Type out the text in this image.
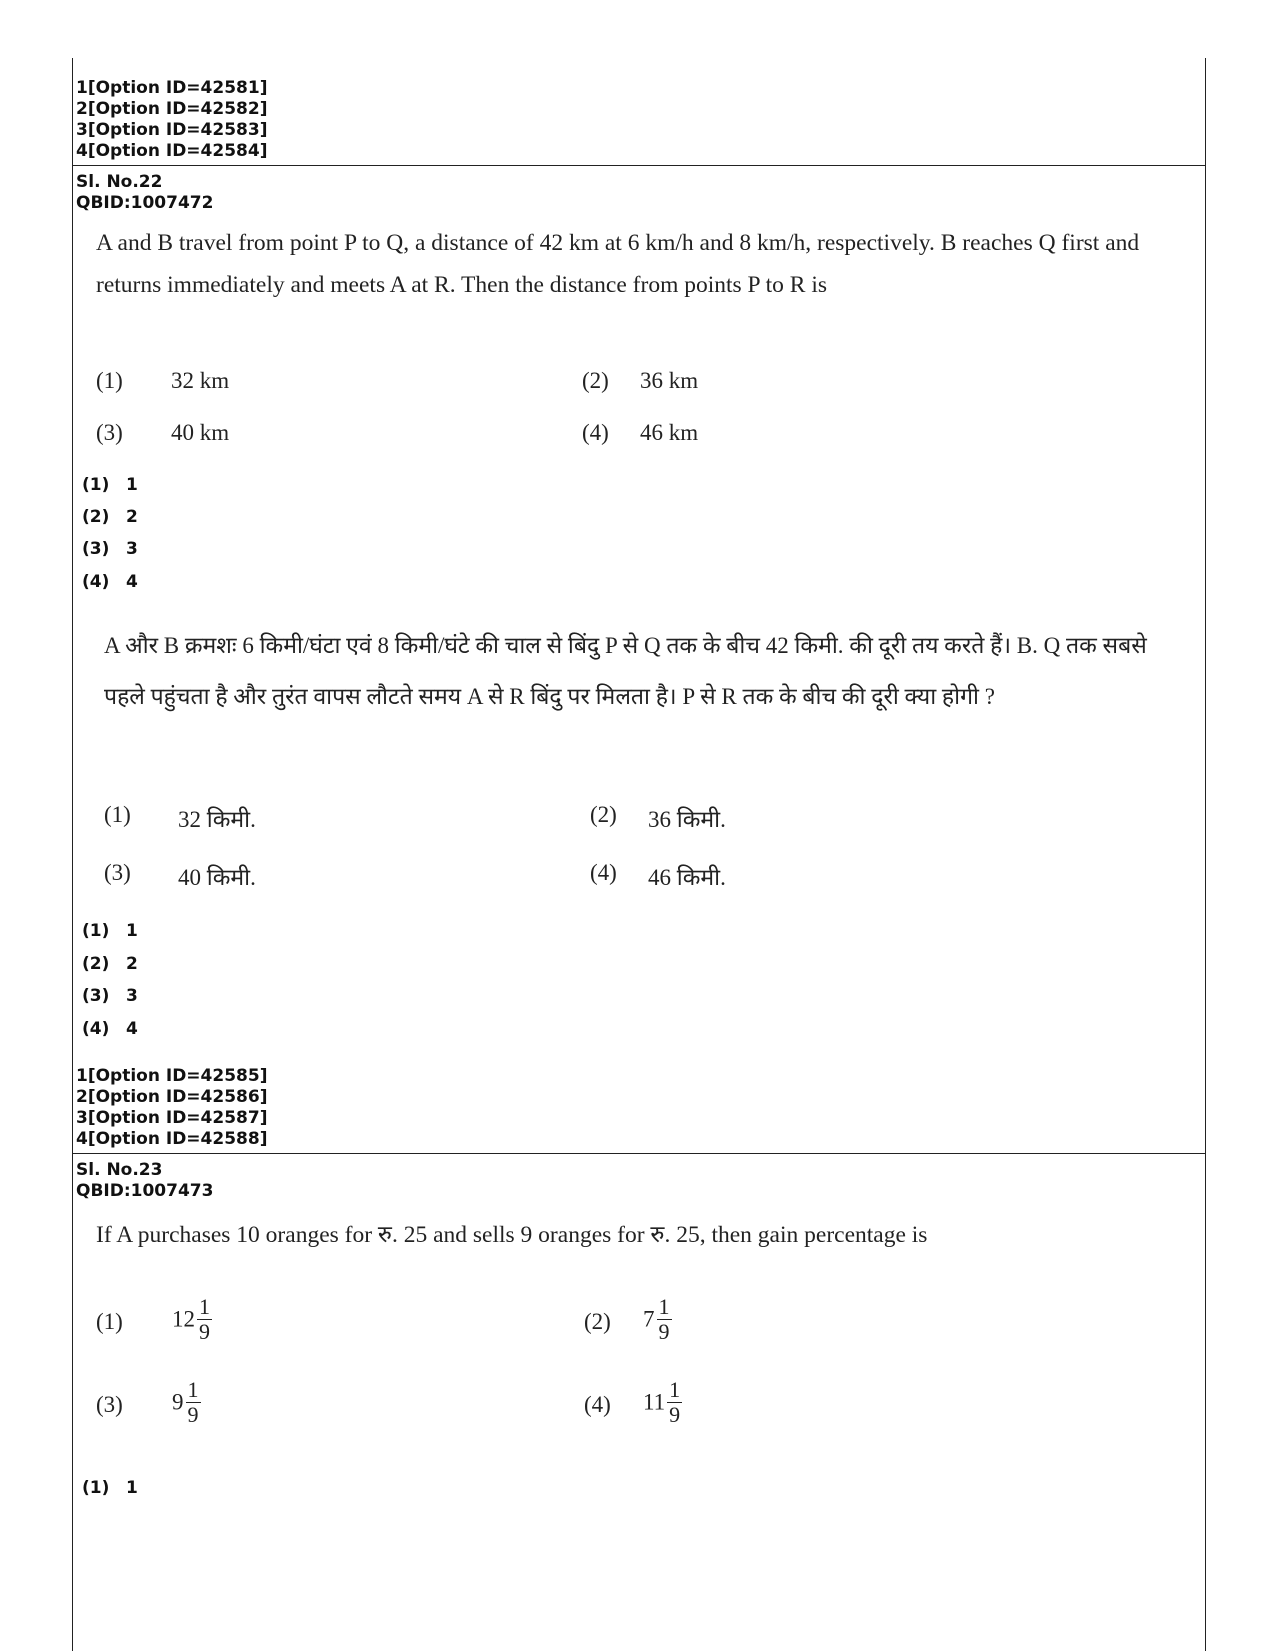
1[Option ID=42581]
2[Option ID=42582]
3[Option ID=42583]
4[Option ID=42584]
Sl. No.22
QBID:1007472
A and B travel from point P to Q, a distance of 42 km at 6 km/h and 8 km/h, respectively. B reaches Q first and returns immediately and meets A at R. Then the distance from points P to R is
(1) 32 km	(2) 36 km
(3) 40 km	(4) 46 km
(1) 1
(2) 2
(3) 3
(4) 4
A और B क्रमशः 6 किमी/घंटा एवं 8 किमी/घंटे की चाल से बिंदु P से Q तक के बीच 42 किमी. की दूरी तय करते हैं। B. Q तक सबसे पहले पहुंचता है और तुरंत वापस लौटते समय A से R बिंदु पर मिलता है। P से R तक के बीच की दूरी क्या होगी ?
(1) 32 किमी.	(2) 36 किमी.
(3) 40 किमी.	(4) 46 किमी.
(1) 1
(2) 2
(3) 3
(4) 4
1[Option ID=42585]
2[Option ID=42586]
3[Option ID=42587]
4[Option ID=42588]
Sl. No.23
QBID:1007473
If A purchases 10 oranges for रु. 25 and sells 9 oranges for रु. 25, then gain percentage is
(1) $12 \frac{1}{9}$	(2) $7 \frac{1}{9}$
(3) $9 \frac{1}{9}$	(4) $11 \frac{1}{9}$
(1) 1
